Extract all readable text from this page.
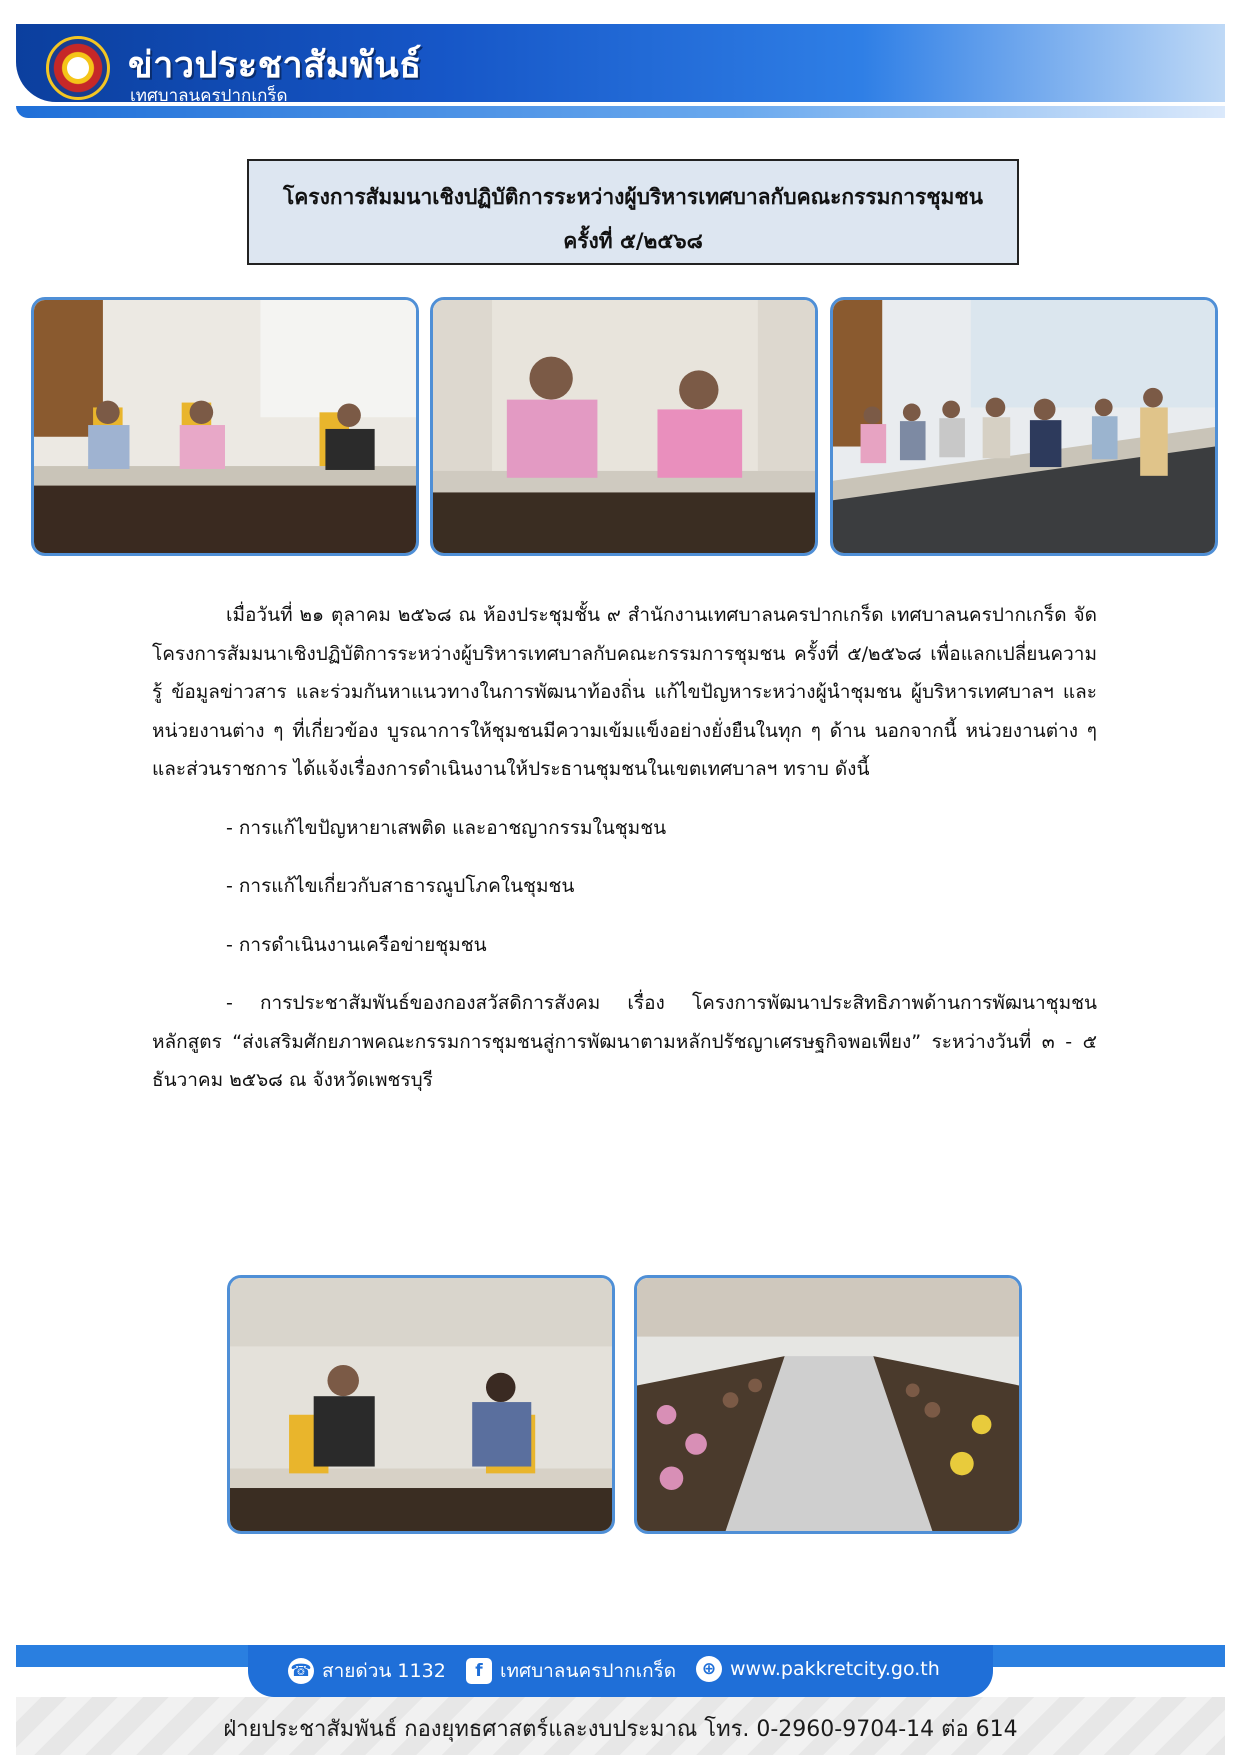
ข่าวประชาสัมพันธ์
เทศบาลนครปากเกร็ด
โครงการสัมมนาเชิงปฏิบัติการระหว่างผู้บริหารเทศบาลกับคณะกรรมการชุมชน
ครั้งที่ ๕/๒๕๖๘

เมื่อวันที่ ๒๑ ตุลาคม ๒๕๖๘ ณ ห้องประชุมชั้น ๙ สำนักงานเทศบาลนครปากเกร็ด เทศบาลนครปากเกร็ด จัดโครงการสัมมนาเชิงปฏิบัติการระหว่างผู้บริหารเทศบาลกับคณะกรรมการชุมชน ครั้งที่ ๕/๒๕๖๘ เพื่อแลกเปลี่ยนความรู้ ข้อมูลข่าวสาร และร่วมกันหาแนวทางในการพัฒนาท้องถิ่น แก้ไขปัญหาระหว่างผู้นำชุมชน ผู้บริหารเทศบาลฯ และหน่วยงานต่าง ๆ ที่เกี่ยวข้อง บูรณาการให้ชุมชนมีความเข้มแข็งอย่างยั่งยืนในทุก ๆ ด้าน นอกจากนี้ หน่วยงานต่าง ๆ และส่วนราชการ ได้แจ้งเรื่องการดำเนินงานให้ประธานชุมชนในเขตเทศบาลฯ ทราบ ดังนี้

- การแก้ไขปัญหายาเสพติด และอาชญากรรมในชุมชน

- การแก้ไขเกี่ยวกับสาธารณูปโภคในชุมชน

- การดำเนินงานเครือข่ายชุมชน

- การประชาสัมพันธ์ของกองสวัสดิการสังคม เรื่อง โครงการพัฒนาประสิทธิภาพด้านการพัฒนาชุมชน หลักสูตร “ส่งเสริมศักยภาพคณะกรรมการชุมชนสู่การพัฒนาตามหลักปรัชญาเศรษฐกิจพอเพียง” ระหว่างวันที่ ๓ - ๕ ธันวาคม ๒๕๖๘ ณ จังหวัดเพชรบุรี

☎ สายด่วน 1132	f เทศบาลนครปากเกร็ด	⊕ www.pakkretcity.go.th
ฝ่ายประชาสัมพันธ์ กองยุทธศาสตร์และงบประมาณ โทร. 0-2960-9704-14 ต่อ 614
